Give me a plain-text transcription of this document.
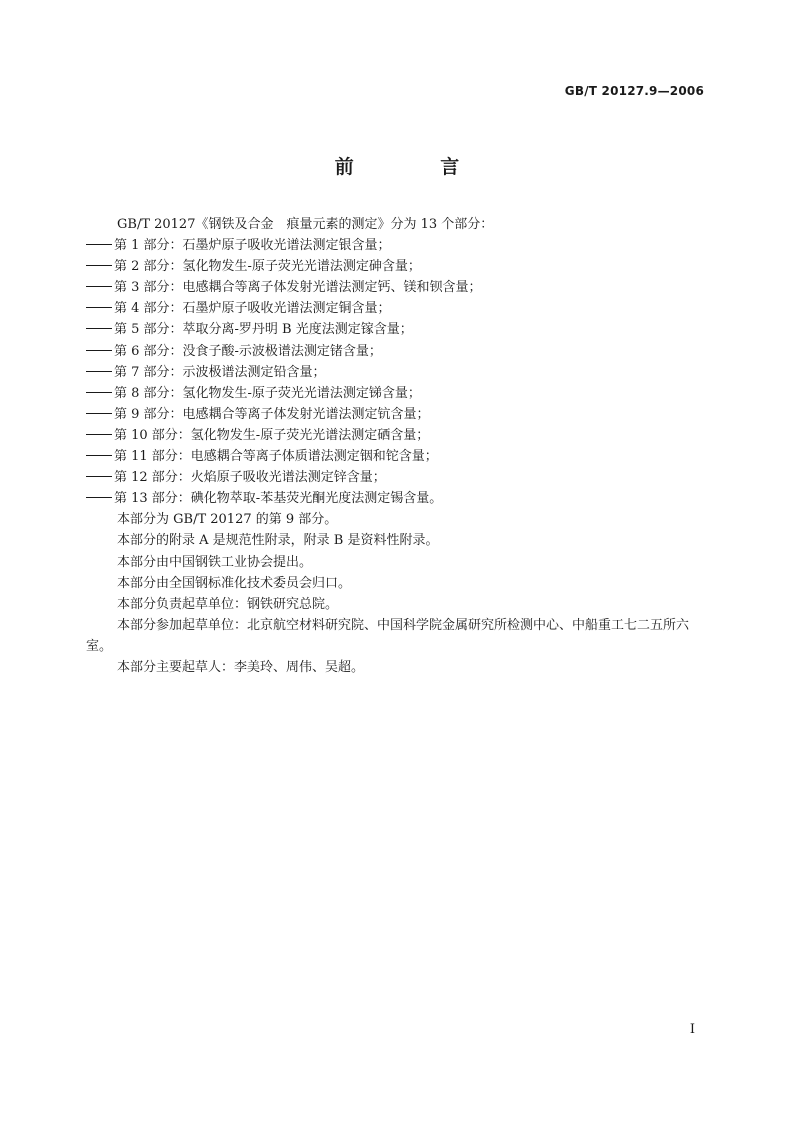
GB/T 20127.9—2006
前 言
GB/T 20127《钢铁及合金　痕量元素的测定》分为 13 个部分：
第 1 部分：石墨炉原子吸收光谱法测定银含量；
第 2 部分：氢化物发生-原子荧光光谱法测定砷含量；
第 3 部分：电感耦合等离子体发射光谱法测定钙、镁和钡含量；
第 4 部分：石墨炉原子吸收光谱法测定铜含量；
第 5 部分：萃取分离-罗丹明 B 光度法测定镓含量；
第 6 部分：没食子酸-示波极谱法测定锗含量；
第 7 部分：示波极谱法测定铅含量；
第 8 部分：氢化物发生-原子荧光光谱法测定锑含量；
第 9 部分：电感耦合等离子体发射光谱法测定钪含量；
第 10 部分：氢化物发生-原子荧光光谱法测定硒含量；
第 11 部分：电感耦合等离子体质谱法测定铟和铊含量；
第 12 部分：火焰原子吸收光谱法测定锌含量；
第 13 部分：碘化物萃取-苯基荧光酮光度法测定锡含量。
本部分为 GB/T 20127 的第 9 部分。
本部分的附录 A 是规范性附录，附录 B 是资料性附录。
本部分由中国钢铁工业协会提出。
本部分由全国钢标准化技术委员会归口。
本部分负责起草单位：钢铁研究总院。
本部分参加起草单位：北京航空材料研究院、中国科学院金属研究所检测中心、中船重工七二五所六室。
本部分主要起草人：李美玲、周伟、吴超。
I
